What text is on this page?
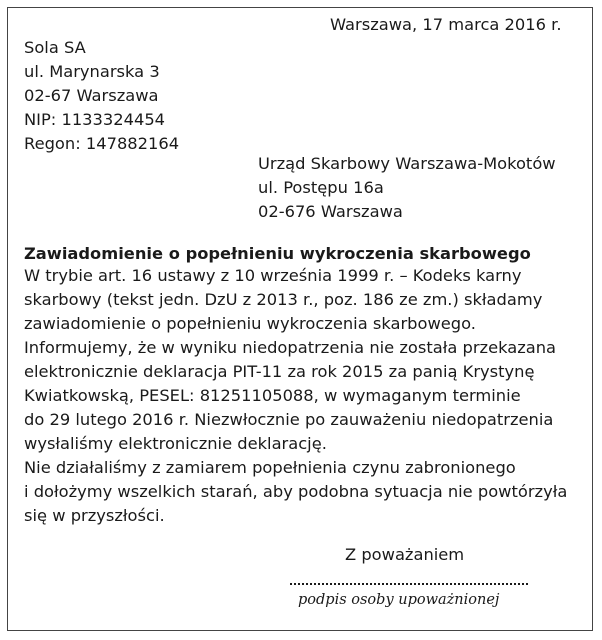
Warszawa, 17 marca 2016 r.
Sola SA
ul. Marynarska 3
02-67 Warszawa
NIP: 1133324454
Regon: 147882164
Urząd Skarbowy Warszawa-Mokotów
ul. Postępu 16a
02-676 Warszawa
Zawiadomienie o popełnieniu wykroczenia skarbowego
W trybie art. 16 ustawy z 10 września 1999 r. – Kodeks karny
skarbowy (tekst jedn. DzU z 2013 r., poz. 186 ze zm.) składamy
zawiadomienie o popełnieniu wykroczenia skarbowego.
Informujemy, że w wyniku niedopatrzenia nie została przekazana
elektronicznie deklaracja PIT-11 za rok 2015 za panią Krystynę
Kwiatkowską, PESEL: 81251105088, w wymaganym terminie
do 29 lutego 2016 r. Niezwłocznie po zauważeniu niedopatrzenia
wysłaliśmy elektronicznie deklarację.
Nie działaliśmy z zamiarem popełnienia czynu zabronionego
i dołożymy wszelkich starań, aby podobna sytuacja nie powtórzyła
się w przyszłości.
Z poważaniem
podpis osoby upoważnionej
